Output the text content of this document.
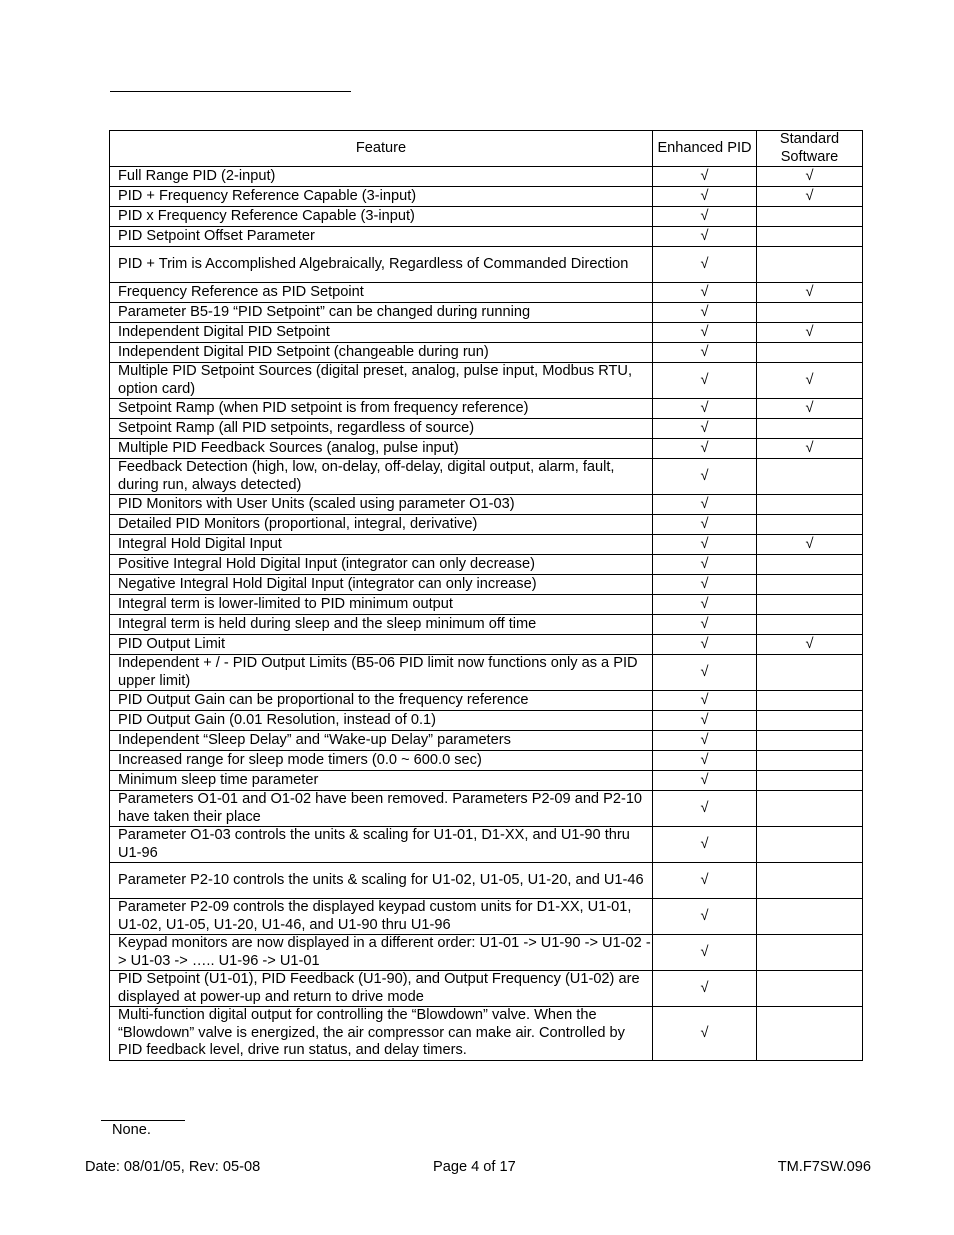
Feature	Enhanced PID	Standard Software
Full Range PID (2-input)	√	√
PID + Frequency Reference Capable (3-input)	√	√
PID x Frequency Reference Capable (3-input)	√	
PID Setpoint Offset Parameter	√	
PID + Trim is Accomplished Algebraically, Regardless of Commanded Direction	√	
Frequency Reference as PID Setpoint	√	√
Parameter B5-19 “PID Setpoint” can be changed during running	√	
Independent Digital PID Setpoint	√	√
Independent Digital PID Setpoint (changeable during run)	√	
Multiple PID Setpoint Sources (digital preset, analog, pulse input, Modbus RTU, option card)	√	√
Setpoint Ramp (when PID setpoint is from frequency reference)	√	√
Setpoint Ramp (all PID setpoints, regardless of source)	√	
Multiple PID Feedback Sources (analog, pulse input)	√	√
Feedback Detection (high, low, on-delay, off-delay, digital output, alarm, fault, during run, always detected)	√	
PID Monitors with User Units (scaled using parameter O1-03)	√	
Detailed PID Monitors (proportional, integral, derivative)	√	
Integral Hold Digital Input	√	√
Positive Integral Hold Digital Input (integrator can only decrease)	√	
Negative Integral Hold Digital Input (integrator can only increase)	√	
Integral term is lower-limited to PID minimum output	√	
Integral term is held during sleep and the sleep minimum off time	√	
PID Output Limit	√	√
Independent + / - PID Output Limits (B5-06 PID limit now functions only as a PID upper limit)	√	
PID Output Gain can be proportional to the frequency reference	√	
PID Output Gain (0.01 Resolution, instead of 0.1)	√	
Independent “Sleep Delay” and “Wake-up Delay” parameters	√	
Increased range for sleep mode timers (0.0 ~ 600.0 sec)	√	
Minimum sleep time parameter	√	
Parameters O1-01 and O1-02 have been removed. Parameters P2-09 and P2-10 have taken their place	√	
Parameter O1-03 controls the units & scaling for U1-01, D1-XX, and U1-90 thru U1-96	√	
Parameter P2-10 controls the units & scaling for U1-02, U1-05, U1-20, and U1-46	√	
Parameter P2-09 controls the displayed keypad custom units for D1-XX, U1-01, U1-02, U1-05, U1-20, U1-46, and U1-90 thru U1-96	√	
Keypad monitors are now displayed in a different order: U1-01 -> U1-90 -> U1-02 -> U1-03 -> ….. U1-96 -> U1-01	√	
PID Setpoint (U1-01), PID Feedback (U1-90), and Output Frequency (U1-02) are displayed at power-up and return to drive mode	√	
Multi-function digital output for controlling the “Blowdown” valve. When the “Blowdown” valve is energized, the air compressor can make air. Controlled by PID feedback level, drive run status, and delay timers.	√	
None.
Date: 08/01/05, Rev: 05-08	Page 4 of 17	TM.F7SW.096
